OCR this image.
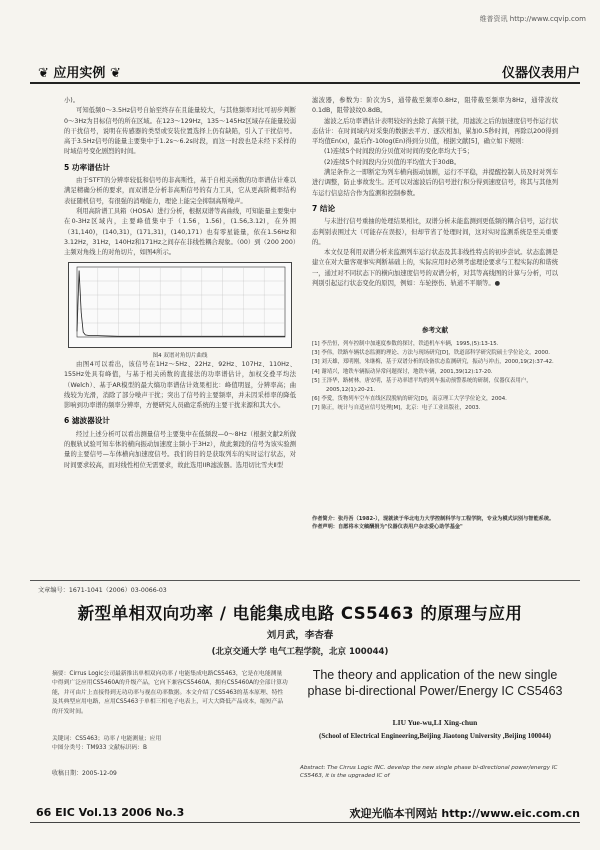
维普资讯 http://www.cqvip.com
❦ 应用实例 ❦	仪器仪表用户

小)。

可知低频0～3.5Hz信号自始至终存在且能量较大，与其他频率对比可初步判断0～3Hz为目标信号的所在区域。在123～129Hz，135～145Hz区域存在能量较弱的干扰信号，说明在传感器的类型或安装位置选择上仍有缺陷，引入了干扰信号。高于3.5Hz信号的能量主要集中于1.2s～6.2s时段，而这一时段也是未经下采样的时域信号变化剧烈的时间。

5 功率谱估计

由于STFT的分辨率较低和信号的非高斯性，基于自相关函数的功率谱估计难以满足精确分析的要求，而双谱是分析非高斯信号的有力工具，它从更高阶概率结构表征随机信号，有很强的消噪能力，理论上能完全抑制高斯噪声。

利用高阶谱工具箱（HOSA）进行分析，根据双谱等高曲线，可知能量主要集中在0-3Hz区域内，主要峰值集中于（1.56，1.56)，(1.56,3.12)，在外围（31,140)，(140,31)，(171,31)，(140,171）也有零星能量，依在1.56Hz和3.12Hz，31Hz，140Hz和171Hz之间存在非线性耦合现象。（00）到（200 200）主频对角线上的对角切片，如图4所示。

图4 双谱对角切片曲线

由图4可以看出，该信号在1Hz～5Hz、22Hz、92Hz、107Hz、110Hz、155Hz处具有峰值，与基于相关函数的直接法的功率谱估计，加权交叠平均法（Welch）、基于AR模型的最大熵功率谱估计效果相比：峰值明显，分辨率高；曲线较为光滑，消除了部分噪声干扰；突出了信号的主要频率，并未因采样率的降低影响到功率谱的频率分辨率，方便研究人员确定系统的主要干扰来源和其大小。

6 滤波器设计

经过上述分析可以看出测量信号主要集中在低频段—0～8Hz（根据文献2所做的舰轨试验可知车体的横向振动加速度主频小于3Hz），故此频段的信号为该实验测量的主要信号—车体横向加速度信号。我们的目的是获取列车的实时运行状态，对时间要求较高，而对线性相位无需要求，故此选用IIR滤波器。选用切比雪夫Ⅱ型

滤波器，参数为：阶次为5，通带截至频率0.8Hz，阻带截至频率为8Hz，通带波纹0.1dB，阻带波纹0.8dB。

滤波之后功率谱估计表明较好的去除了高频干扰，用滤波之后的加速度信号作运行状态估计：在时间域内对采集的数据去平方、逐次相加，累加0.5秒时间，再除以200得到平均值En(x)，最后作-10log(En)得到分贝值，根据文献[5]，确立如下规则：

(1)连续5个时间段的分贝值对时间的变化率均大于5；

(2)连续5个时间段内分贝值的平均值大于30dB。

满足条件之一即断定为列车横向振动加剧，运行不平稳，并提醒控制人员及时对列车进行调整，防止事故发生。还可以对滤波后的信号进行积分得到速度信号，将其与其他列车运行信息结合作为监测和控制参数。

7 结论

与未进行信号重抽的处理结果相比，双谱分析未能监测到更低频的耦合信号，运行状态判别表围过大（可能存在误报），但却节省了处理时间，这对实时监测系统是至关重要的。

本文仅是利用双谱分析来监测列车运行状态及其非线性特点的初步尝试。状态监测是建立在对大量客观事实判断基础上的，实际应用时必须考虑理论要求与工程实际的和谐统一，通过对不同状态下的横向加速度信号的双谱分析，对其等高线图的计算与分析，可以判别引起运行状态变化的原因，例如：车轮擦伤、轨道不平顺等。●

参考文献
[1] 李岳恒，列车控制中加速度参数的探讨，铁道机车车辆，1995,(5):13-15.
[3] 李伟，铁路车辆状态监测的理论、方法与现场研究[D]，铁道部科学研究院硕士学位论文，2000.
[3] 刘天雄，郑明刚，朱继梅，基于双谱分析的设备状态监测研究，振动与冲击，2000,19(2):37-42.
[4] 谢靖兴，地铁车辆振动异常问题探讨，地铁车辆，2001,39(12):17-20.
[5] 王泽华，路树林，唐安明，基于功率谱平均的列车振动预警系统的研制，仪器仪表用户，2005,12(1):20-21.
[6] 李愛，货物列车空车直线区段脱轨的研究[D]，南京理工大学学位论文，2004.
[7] 陈正，统计与自适应信号处理[M]，北京：电子工业出版社，2003.
作者简介：张丹吾（1982-），现就读于华北电力大学控制科学与工程学院，专业为模式识别与智能系统。
作者声明：自愿将本文稿酬捐为"仪器仪表用户杂志爱心助学基金"
文章编号：1671-1041（2006）03-0066-03
新型单相双向功率 / 电能集成电路 CS5463 的原理与应用
刘月武，李杏春
(北京交通大学 电气工程学院，北京 100044)
摘要：Cirrus Logic公司最新推出单相双向功率 / 电能集成电路CS5463，它是在电能测量中得到广泛应用CS5460A的升级产品，它向下兼容CS5460A，拥有CS5460A的全部计算功能，并可由片上直接得到无功功率与视在功率数据。本文介绍了CS5463的基本原理、特性及其典型应用电路，应用CS5463于单相三相电子电表上，可大大降低产品成本，缩短产品的开发时间。
关键词：CS5463；功率 / 电能测量；应用
中图分类号：TM933 文献标识码：B
收稿日期：2005-12-09
The theory and application of the new single phase bi-directional Power/Energy IC CS5463
LIU Yue-wu,LI Xing-chun
(School of Electrical Engineering,Beijing Jiaotong University ,Beijing 100044)
Abstract: The Cirrus Logic INC. develop the new single phase bi-directional power/energy IC CS5463, it is the upgraded IC of
66 EIC Vol.13 2006 No.3	欢迎光临本刊网站 http://www.eic.com.cn
